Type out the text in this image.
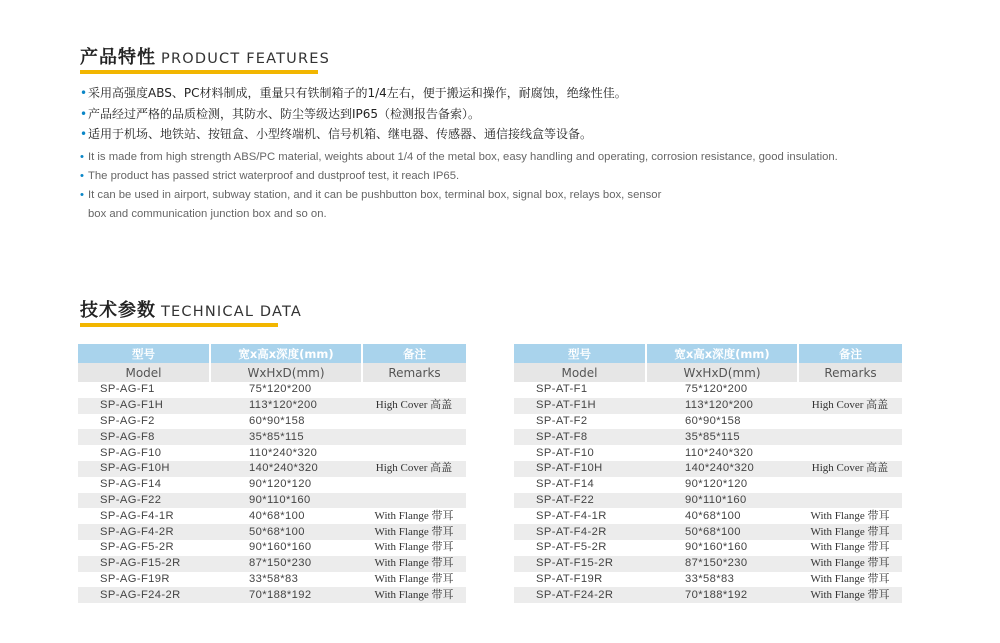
产品特性 PRODUCT FEATURES
• 采用高强度ABS、PC材料制成，重量只有铁制箱子的1/4左右，便于搬运和操作，耐腐蚀，绝缘性佳。
• 产品经过严格的品质检测，其防水、防尘等级达到IP65（检测报告备索）。
• 适用于机场、地铁站、按钮盒、小型终端机、信号机箱、继电器、传感器、通信接线盒等设备。
• It is made from high strength ABS/PC material, weights about 1/4 of the metal box, easy handling and operating, corrosion resistance, good insulation.
• The product has passed strict waterproof and dustproof test, it reach IP65.
• It can be used in airport, subway station, and it can be pushbutton box, terminal box, signal box, relays box, sensor
box and communication junction box and so on.
技术参数 TECHNICAL DATA
型号	宽x高x深度(mm)	备注
Model	WxHxD(mm)	Remarks
SP-AG-F1	75*120*200	
SP-AG-F1H	113*120*200	High Cover 高盖
SP-AG-F2	60*90*158	
SP-AG-F8	35*85*115	
SP-AG-F10	110*240*320	
SP-AG-F10H	140*240*320	High Cover 高盖
SP-AG-F14	90*120*120	
SP-AG-F22	90*110*160	
SP-AG-F4-1R	40*68*100	With Flange 带耳
SP-AG-F4-2R	50*68*100	With Flange 带耳
SP-AG-F5-2R	90*160*160	With Flange 带耳
SP-AG-F15-2R	87*150*230	With Flange 带耳
SP-AG-F19R	33*58*83	With Flange 带耳
SP-AG-F24-2R	70*188*192	With Flange 带耳
型号	宽x高x深度(mm)	备注
Model	WxHxD(mm)	Remarks
SP-AT-F1	75*120*200	
SP-AT-F1H	113*120*200	High Cover 高盖
SP-AT-F2	60*90*158	
SP-AT-F8	35*85*115	
SP-AT-F10	110*240*320	
SP-AT-F10H	140*240*320	High Cover 高盖
SP-AT-F14	90*120*120	
SP-AT-F22	90*110*160	
SP-AT-F4-1R	40*68*100	With Flange 带耳
SP-AT-F4-2R	50*68*100	With Flange 带耳
SP-AT-F5-2R	90*160*160	With Flange 带耳
SP-AT-F15-2R	87*150*230	With Flange 带耳
SP-AT-F19R	33*58*83	With Flange 带耳
SP-AT-F24-2R	70*188*192	With Flange 带耳
